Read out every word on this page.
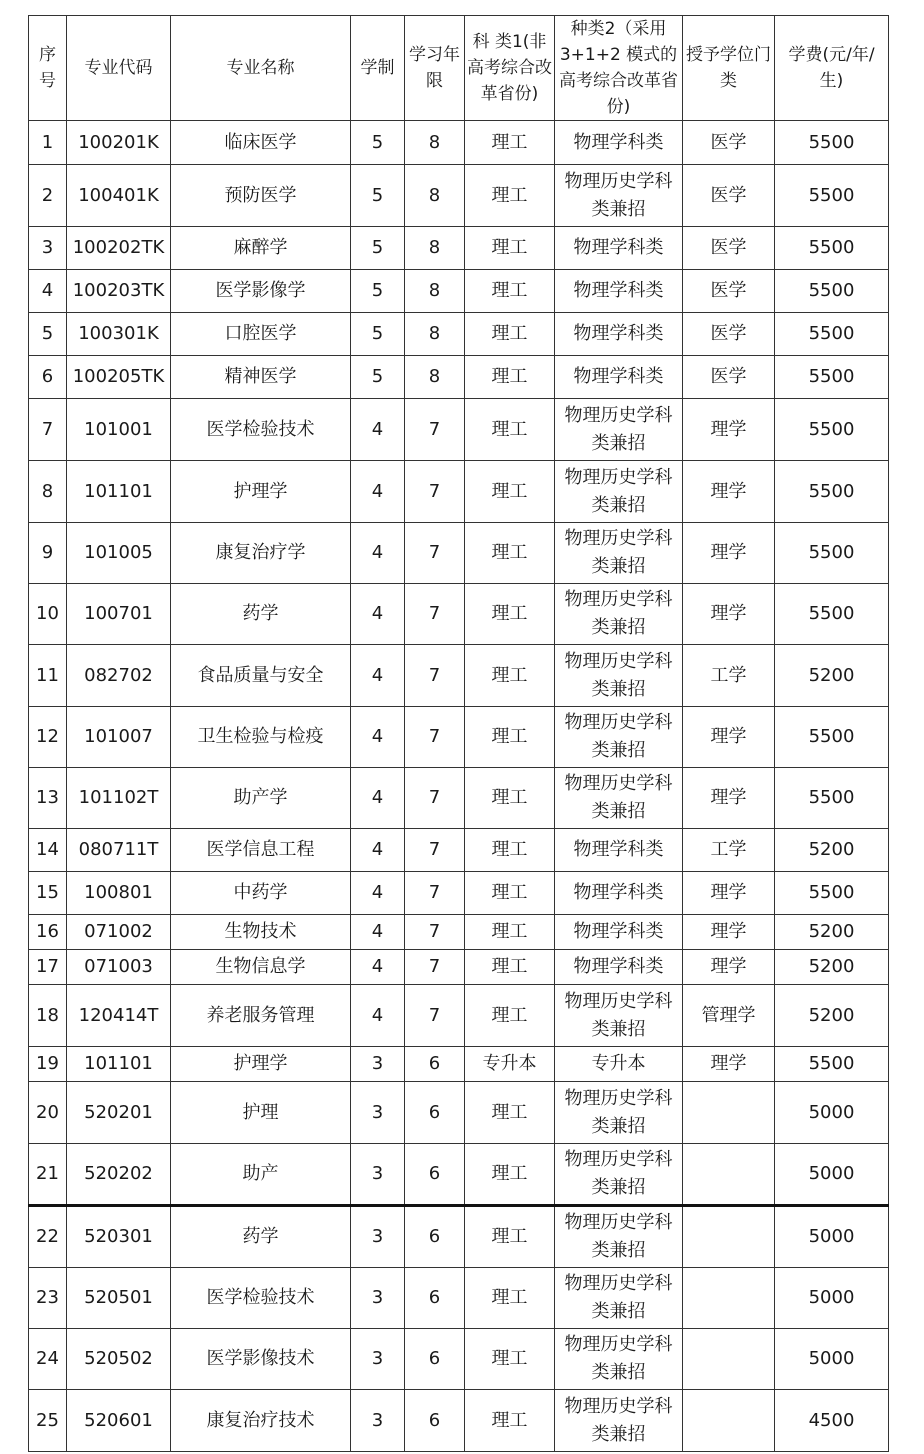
序号	专业代码	专业名称	学制	学习年限	科 类1(非高考综合改革省份)	种类2（采用3+1+2 模式的高考综合改革省份)	授予学位门类	学费(元/年/生)
1	100201K	临床医学	5	8	理工	物理学科类	医学	5500
2	100401K	预防医学	5	8	理工	物理历史学科类兼招	医学	5500
3	100202TK	麻醉学	5	8	理工	物理学科类	医学	5500
4	100203TK	医学影像学	5	8	理工	物理学科类	医学	5500
5	100301K	口腔医学	5	8	理工	物理学科类	医学	5500
6	100205TK	精神医学	5	8	理工	物理学科类	医学	5500
7	101001	医学检验技术	4	7	理工	物理历史学科类兼招	理学	5500
8	101101	护理学	4	7	理工	物理历史学科类兼招	理学	5500
9	101005	康复治疗学	4	7	理工	物理历史学科类兼招	理学	5500
10	100701	药学	4	7	理工	物理历史学科类兼招	理学	5500
11	082702	食品质量与安全	4	7	理工	物理历史学科类兼招	工学	5200
12	101007	卫生检验与检疫	4	7	理工	物理历史学科类兼招	理学	5500
13	101102T	助产学	4	7	理工	物理历史学科类兼招	理学	5500
14	080711T	医学信息工程	4	7	理工	物理学科类	工学	5200
15	100801	中药学	4	7	理工	物理学科类	理学	5500
16	071002	生物技术	4	7	理工	物理学科类	理学	5200
17	071003	生物信息学	4	7	理工	物理学科类	理学	5200
18	120414T	养老服务管理	4	7	理工	物理历史学科类兼招	管理学	5200
19	101101	护理学	3	6	专升本	专升本	理学	5500
20	520201	护理	3	6	理工	物理历史学科类兼招		5000
21	520202	助产	3	6	理工	物理历史学科类兼招		5000
22	520301	药学	3	6	理工	物理历史学科类兼招		5000
23	520501	医学检验技术	3	6	理工	物理历史学科类兼招		5000
24	520502	医学影像技术	3	6	理工	物理历史学科类兼招		5000
25	520601	康复治疗技术	3	6	理工	物理历史学科类兼招		4500
